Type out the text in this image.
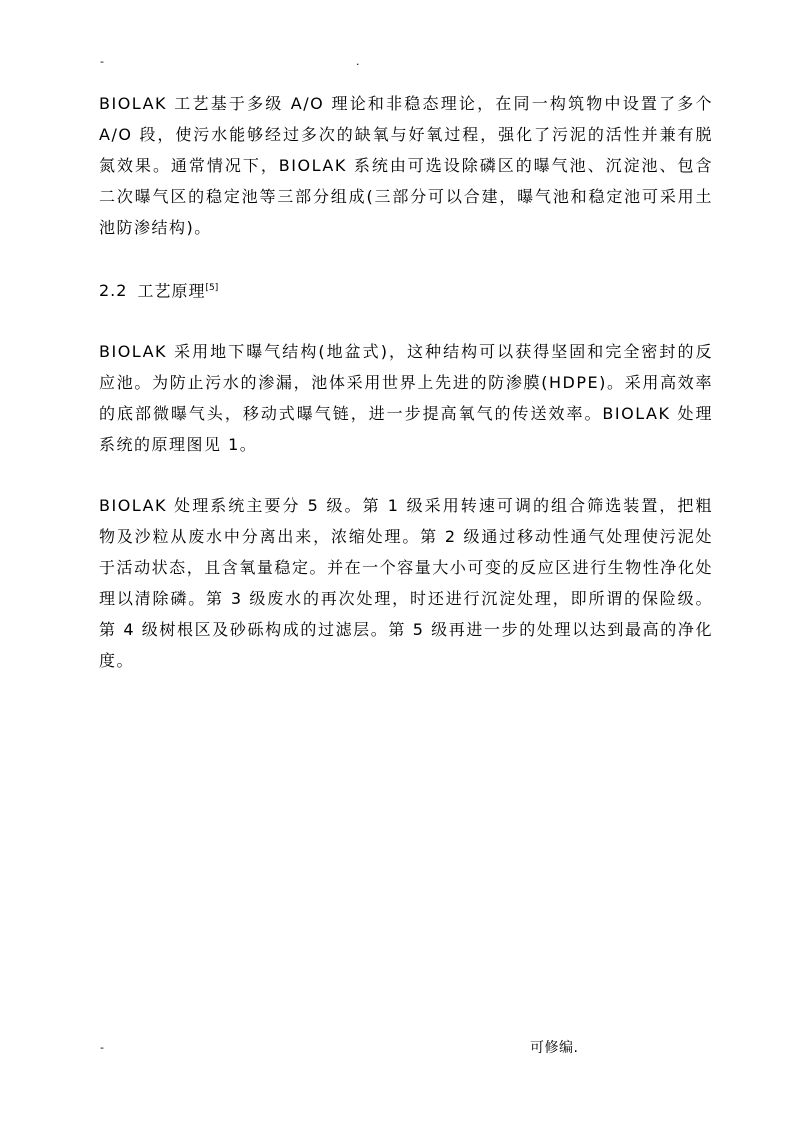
-	.

BIOLAK 工艺基于多级 A/O 理论和非稳态理论，在同一构筑物中设置了多个 A/O 段，使污水能够经过多次的缺氧与好氧过程，强化了污泥的活性并兼有脱氮效果。通常情况下，BIOLAK 系统由可选设除磷区的曝气池、沉淀池、包含二次曝气区的稳定池等三部分组成(三部分可以合建，曝气池和稳定池可采用土池防渗结构)。

2.2 工艺原理[5]

BIOLAK 采用地下曝气结构(地盆式)，这种结构可以获得坚固和完全密封的反应池。为防止污水的渗漏，池体采用世界上先进的防渗膜(HDPE)。采用高效率的底部微曝气头，移动式曝气链，进一步提高氧气的传送效率。BIOLAK 处理系统的原理图见 1。

BIOLAK 处理系统主要分 5 级。第 1 级采用转速可调的组合筛选装置，把粗物及沙粒从废水中分离出来，浓缩处理。第 2 级通过移动性通气处理使污泥处于活动状态，且含氧量稳定。并在一个容量大小可变的反应区进行生物性净化处理以清除磷。第 3 级废水的再次处理，时还进行沉淀处理，即所谓的保险级。第 4 级树根区及砂砾构成的过滤层。第 5 级再进一步的处理以达到最高的净化度。

-	可修编.
